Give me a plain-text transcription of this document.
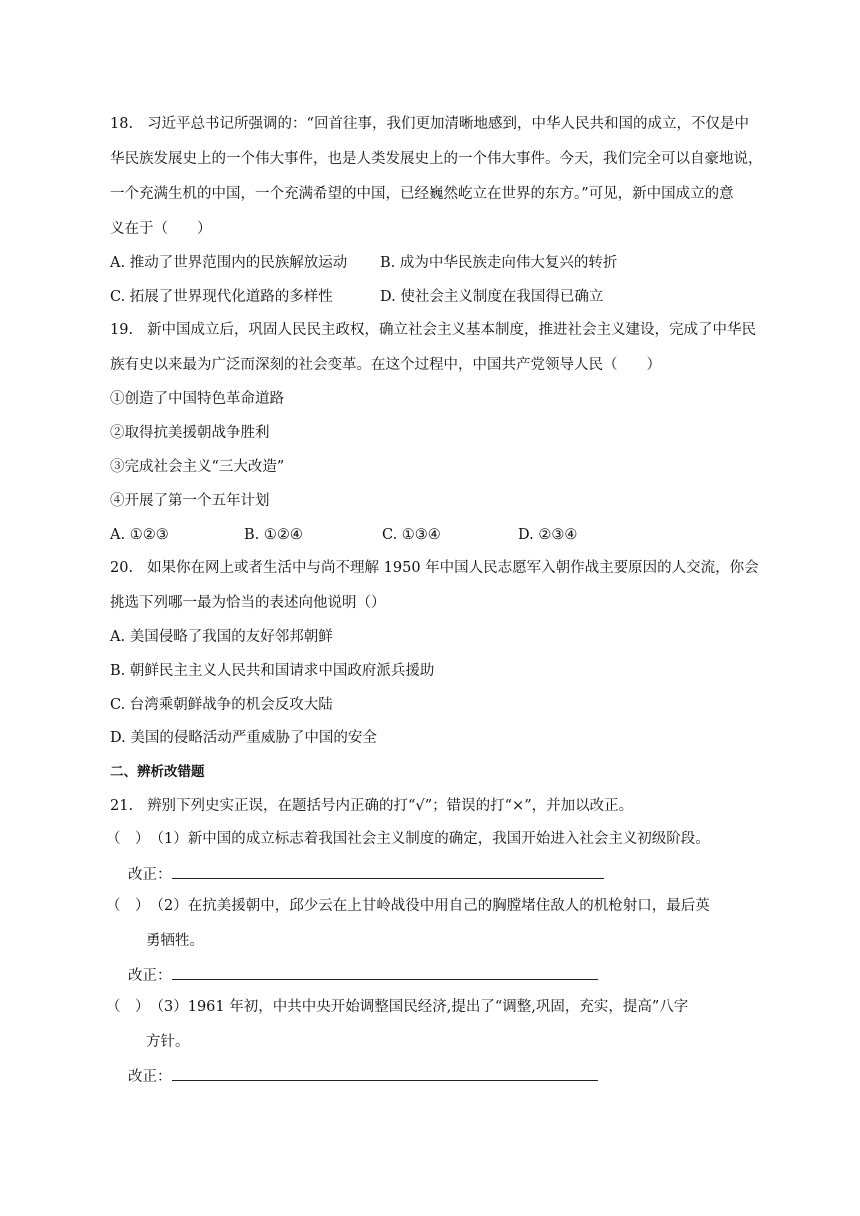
18. 习近平总书记所强调的：“回首往事，我们更加清晰地感到，中华人民共和国的成立，不仅是中
华民族发展史上的一个伟大事件，也是人类发展史上的一个伟大事件。今天，我们完全可以自豪地说，
一个充满生机的中国，一个充满希望的中国，已经巍然屹立在世界的东方。”可见，新中国成立的意
义在于（　　）
A. 推动了世界范围内的民族解放运动 B. 成为中华民族走向伟大复兴的转折
C. 拓展了世界现代化道路的多样性	D. 使社会主义制度在我国得已确立
19. 新中国成立后，巩固人民民主政权，确立社会主义基本制度，推进社会主义建设，完成了中华民
族有史以来最为广泛而深刻的社会变革。在这个过程中，中国共产党领导人民（　　）
①创造了中国特色革命道路
②取得抗美援朝战争胜利
③完成社会主义“三大改造”
④开展了第一个五年计划
A. ①②③	B. ①②④	C. ①③④	D. ②③④
20. 如果你在网上或者生活中与尚不理解 1950 年中国人民志愿军入朝作战主要原因的人交流，你会
挑选下列哪一最为恰当的表述向他说明（）
A. 美国侵略了我国的友好邻邦朝鲜
B. 朝鲜民主主义人民共和国请求中国政府派兵援助
C. 台湾乘朝鲜战争的机会反攻大陆
D. 美国的侵略活动严重威胁了中国的安全
二、辨析改错题
21. 辨别下列史实正误，在题括号内正确的打“√”；错误的打“×”，并加以改正。
（　）（1）新中国的成立标志着我国社会主义制度的确定，我国开始进入社会主义初级阶段。
改正：
（　）（2）在抗美援朝中，邱少云在上甘岭战役中用自己的胸膛堵住敌人的机枪射口，最后英
勇牺牲。
改正：
（　）（3）1961 年初，中共中央开始调整国民经济,提出了“调整,巩固，充实，提高”八字
方针。
改正：
